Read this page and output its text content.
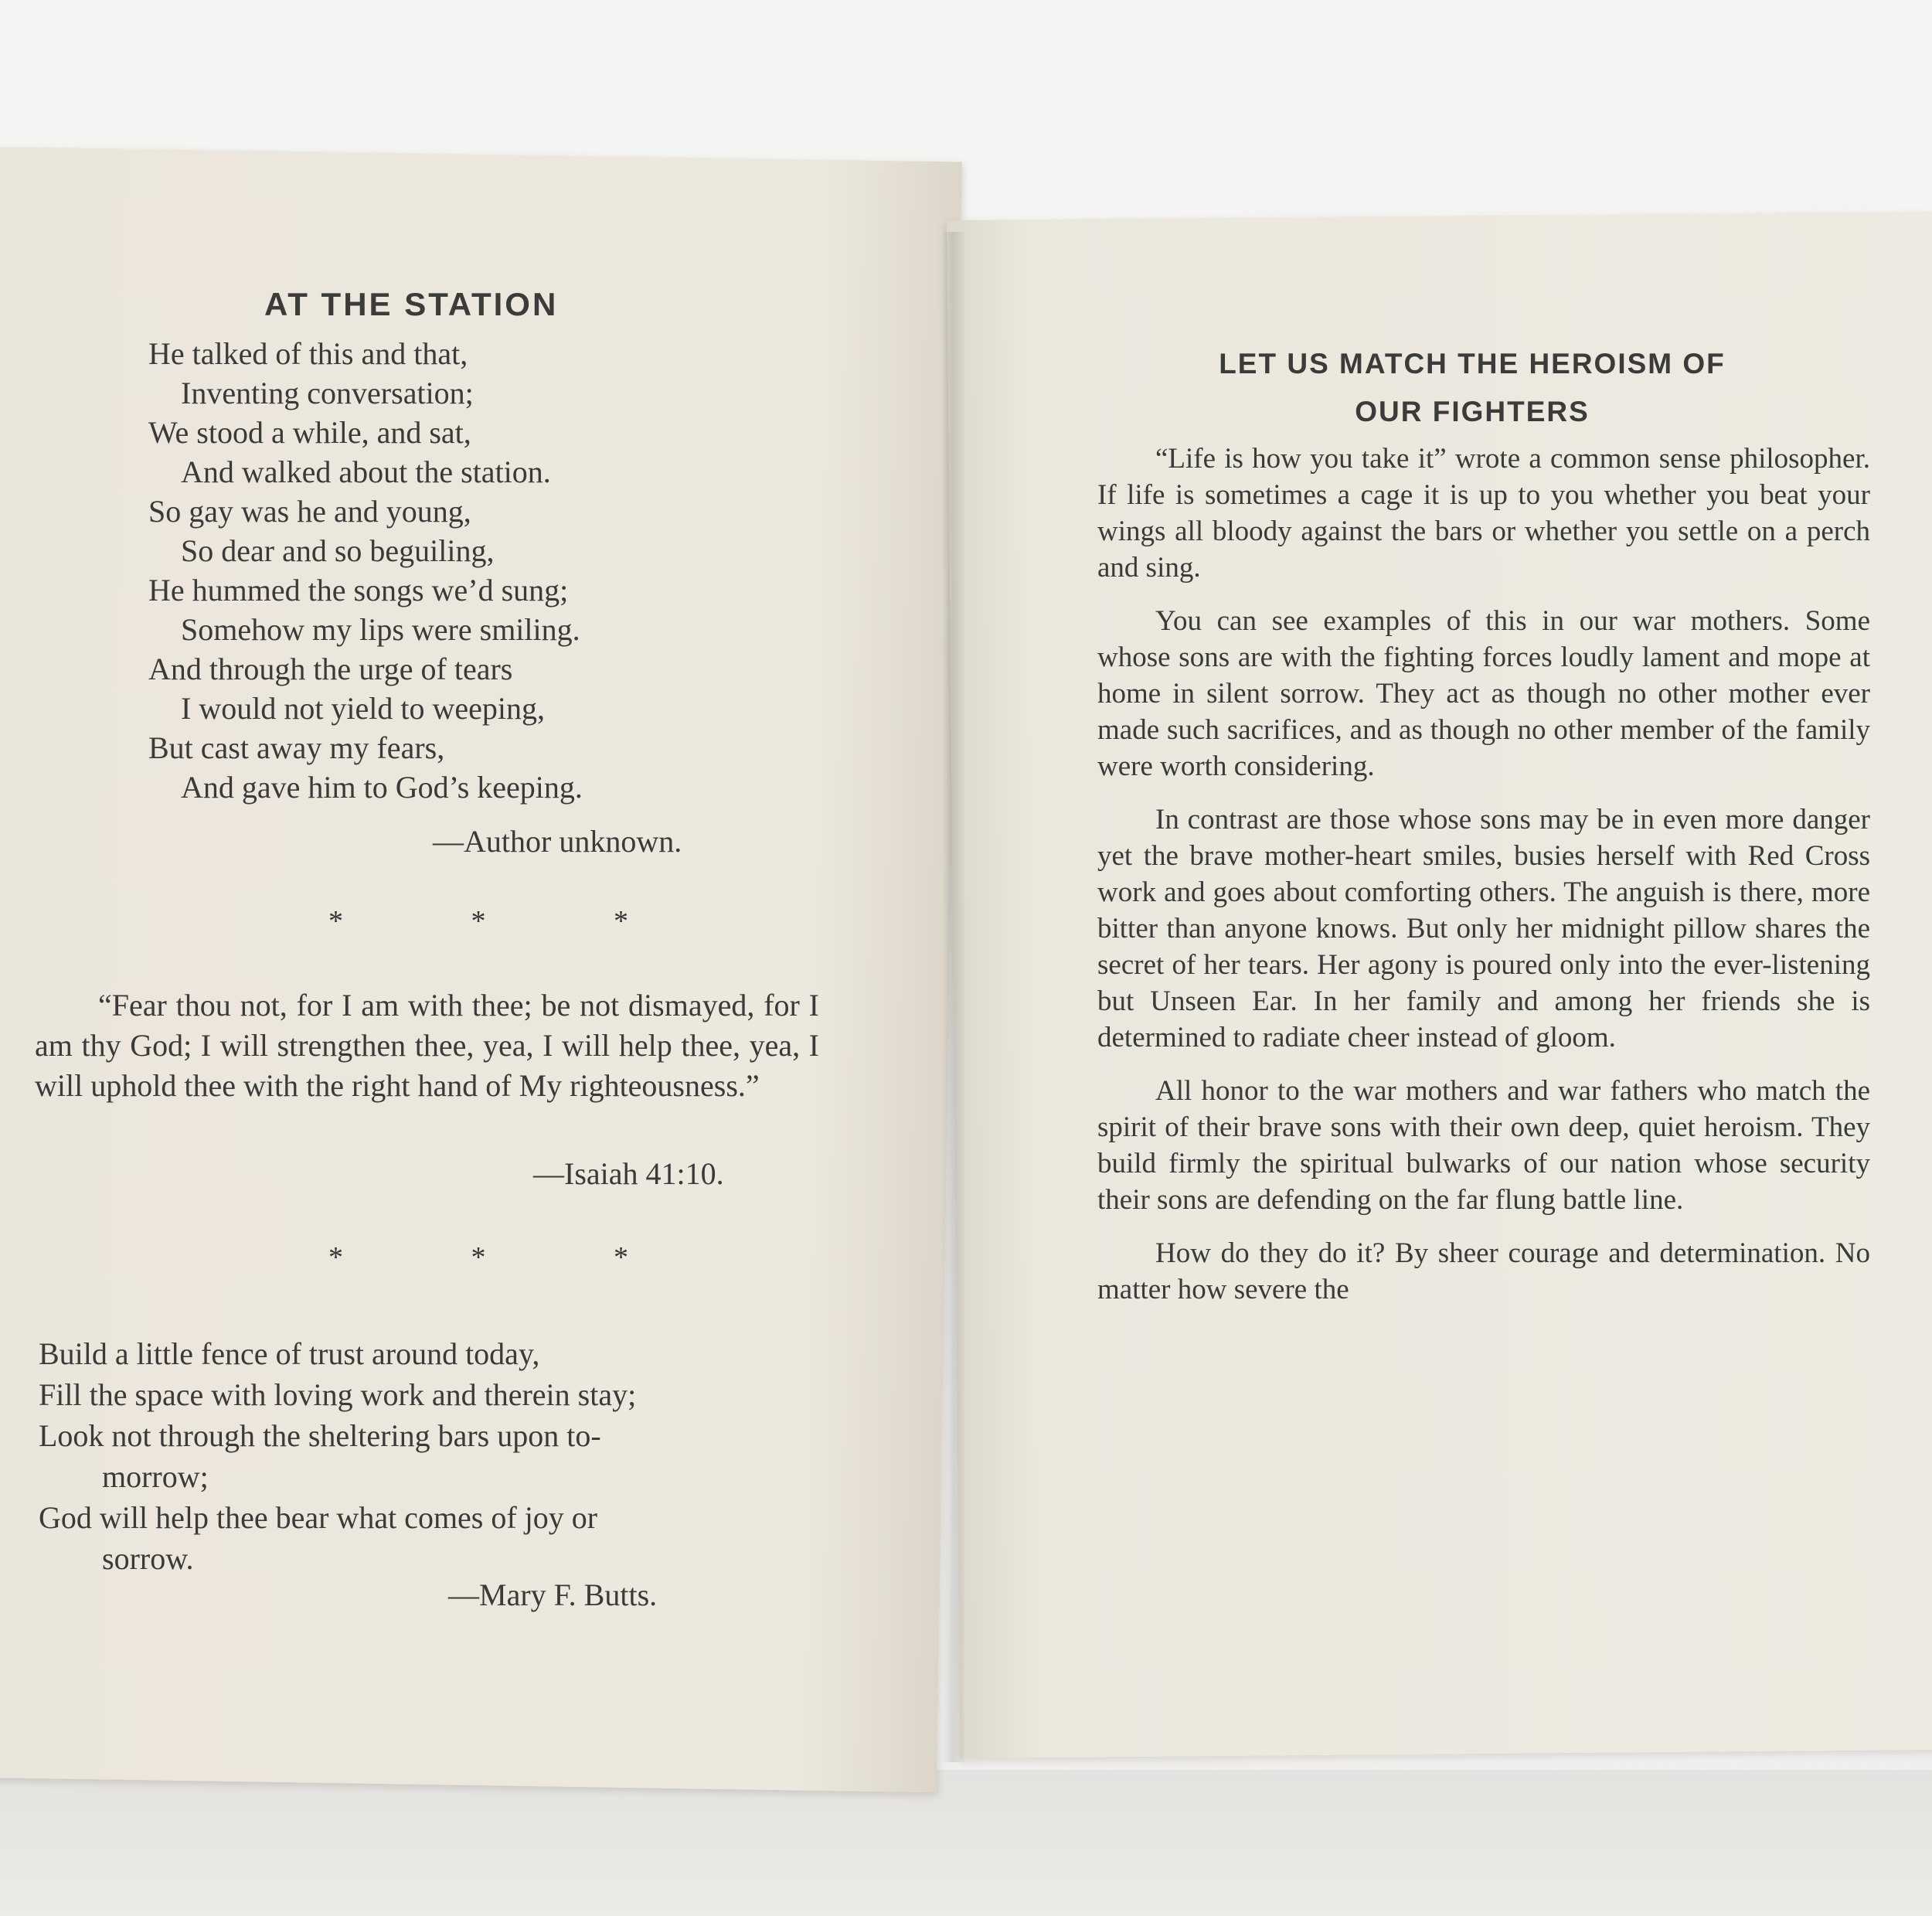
AT THE STATION
He talked of this and that,
Inventing conversation;
We stood a while, and sat,
And walked about the station.
So gay was he and young,
So dear and so beguiling,
He hummed the songs we’d sung;
Somehow my lips were smiling.
And through the urge of tears
I would not yield to weeping,
But cast away my fears,
And gave him to God’s keeping.
—Author unknown.
* * *
“Fear thou not, for I am with thee; be not dismayed, for I am thy God; I will strengthen thee, yea, I will help thee, yea, I will uphold thee with the right hand of My righteousness.”
—Isaiah 41:10.
* * *
Build a little fence of trust around today,
Fill the space with loving work and therein stay;
Look not through the sheltering bars upon to-
morrow;
God will help thee bear what comes of joy or
sorrow.
—Mary F. Butts.
LET US MATCH THE HEROISM OF
OUR FIGHTERS

“Life is how you take it” wrote a common sense philosopher. If life is sometimes a cage it is up to you whether you beat your wings all bloody against the bars or whether you settle on a perch and sing.

You can see examples of this in our war mothers. Some whose sons are with the fighting forces loudly lament and mope at home in silent sorrow. They act as though no other mother ever made such sacrifices, and as though no other member of the family were worth considering.

In contrast are those whose sons may be in even more danger yet the brave mother-heart smiles, busies herself with Red Cross work and goes about comforting others. The anguish is there, more bitter than anyone knows. But only her midnight pillow shares the secret of her tears. Her agony is poured only into the ever-listening but Unseen Ear. In her family and among her friends she is determined to radiate cheer instead of gloom.

All honor to the war mothers and war fathers who match the spirit of their brave sons with their own deep, quiet heroism. They build firmly the spiritual bulwarks of our nation whose security their sons are defending on the far flung battle line.

How do they do it? By sheer courage and determination. No matter how severe the
